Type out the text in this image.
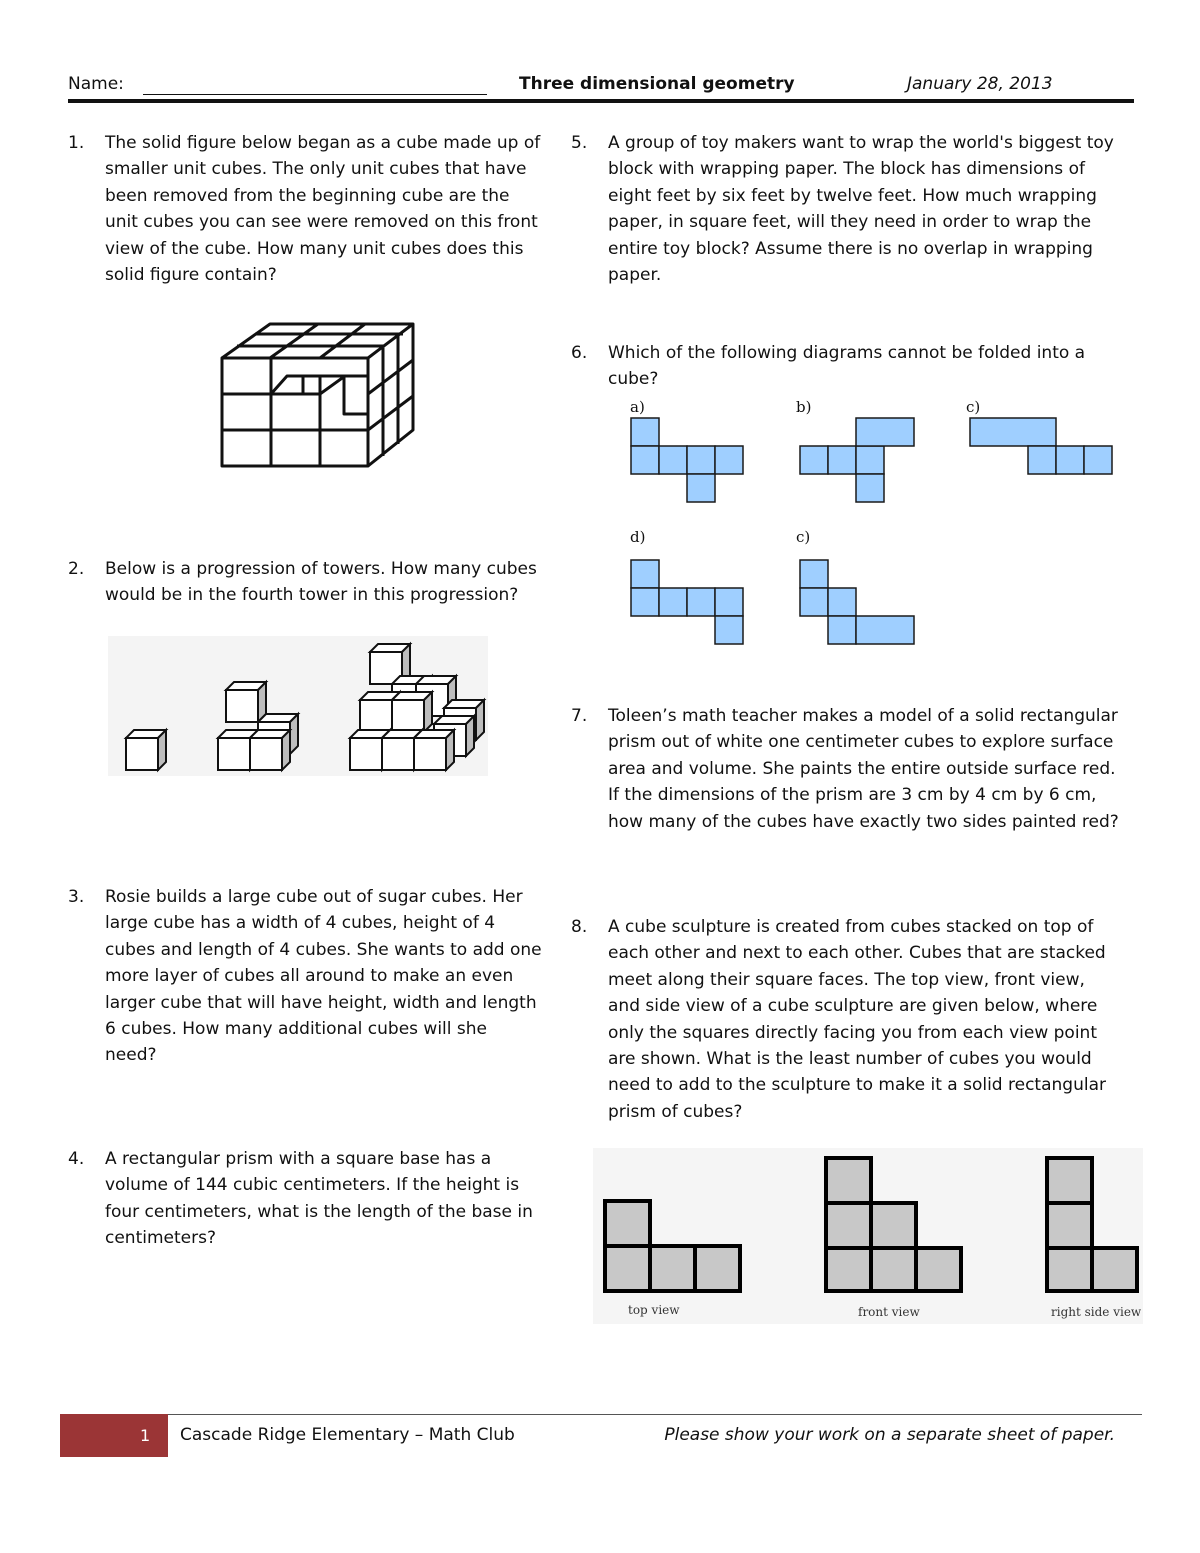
Name:	Three dimensional geometry	January 28, 2013
1. The solid figure below began as a cube made up of smaller unit cubes. The only unit cubes that have been removed from the beginning cube are the unit cubes you can see were removed on this front view of the cube. How many unit cubes does this solid figure contain?
2. Below is a progression of towers. How many cubes would be in the fourth tower in this progression?
3. Rosie builds a large cube out of sugar cubes. Her large cube has a width of 4 cubes, height of 4 cubes and length of 4 cubes. She wants to add one more layer of cubes all around to make an even larger cube that will have height, width and length 6 cubes. How many additional cubes will she need?
4. A rectangular prism with a square base has a volume of 144 cubic centimeters. If the height is four centimeters, what is the length of the base in centimeters?
5. A group of toy makers want to wrap the world's biggest toy block with wrapping paper. The block has dimensions of eight feet by six feet by twelve feet. How much wrapping paper, in square feet, will they need in order to wrap the entire toy block? Assume there is no overlap in wrapping paper.
6. Which of the following diagrams cannot be folded into a cube?
a)	b)	c)
d)	c)
7. Toleen’s math teacher makes a model of a solid rectangular prism out of white one centimeter cubes to explore surface area and volume. She paints the entire outside surface red. If the dimensions of the prism are 3 cm by 4 cm by 6 cm, how many of the cubes have exactly two sides painted red?
8. A cube sculpture is created from cubes stacked on top of each other and next to each other. Cubes that are stacked meet along their square faces. The top view, front view, and side view of a cube sculpture are given below, where only the squares directly facing you from each view point are shown. What is the least number of cubes you would need to add to the sculpture to make it a solid rectangular prism of cubes?
top view	front view	right side view
1 Cascade Ridge Elementary – Math Club	Please show your work on a separate sheet of paper.
